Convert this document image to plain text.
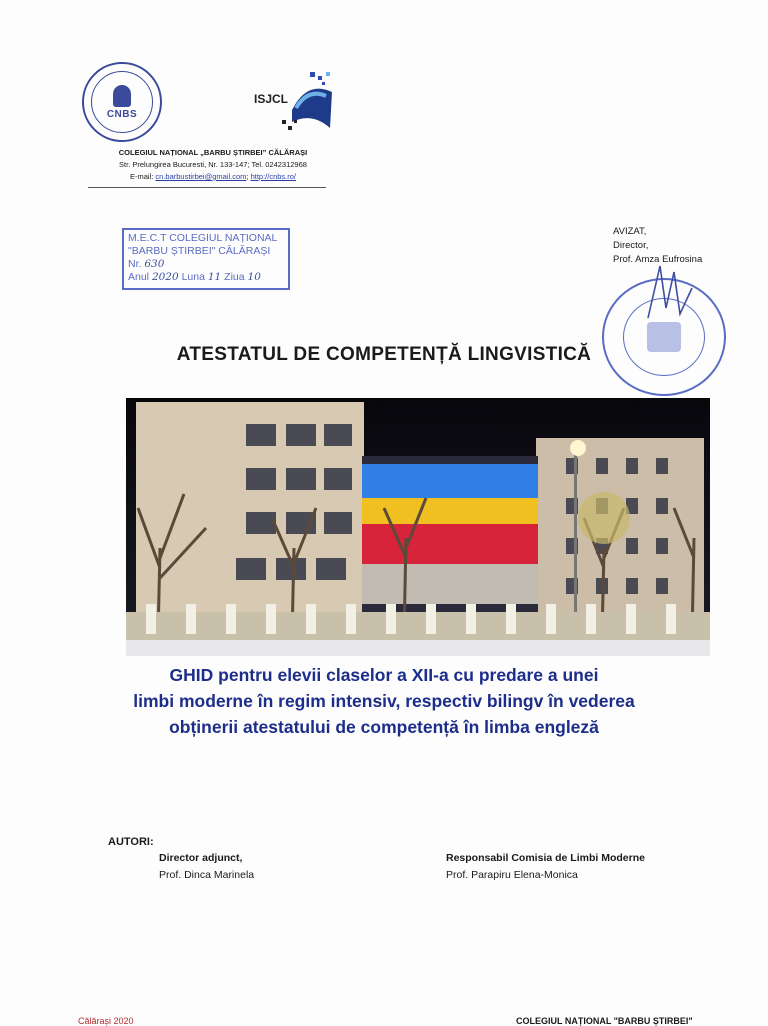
CNBS
ISJCL
COLEGIUL NAȚIONAL „BARBU ȘTIRBEI” CĂLĂRAȘI
Str. Prelungirea Bucuresti, Nr. 133-147; Tel. 0242312968
E-mail: cn.barbustirbei@gmail.com; http://cnbs.ro/
M.E.C.T COLEGIUL NAȚIONAL
"BARBU ȘTIRBEI" CĂLĂRAȘI
Nr. 630
Anul 2020 Luna 11 Ziua 10
AVIZAT,
Director,
Prof. Amza Eufrosina
ATESTATUL DE COMPETENȚĂ LINGVISTICĂ
GHID pentru elevii claselor a XII-a cu predare a unei
limbi moderne în regim intensiv, respectiv bilingv în vederea
obținerii atestatului de competență în limba engleză
AUTORI:
Director adjunct,
Prof. Dinca Marinela
Responsabil Comisia de Limbi Moderne
Prof. Parapiru Elena-Monica
Călărași 2020	COLEGIUL NAȚIONAL "BARBU ȘTIRBEI"
